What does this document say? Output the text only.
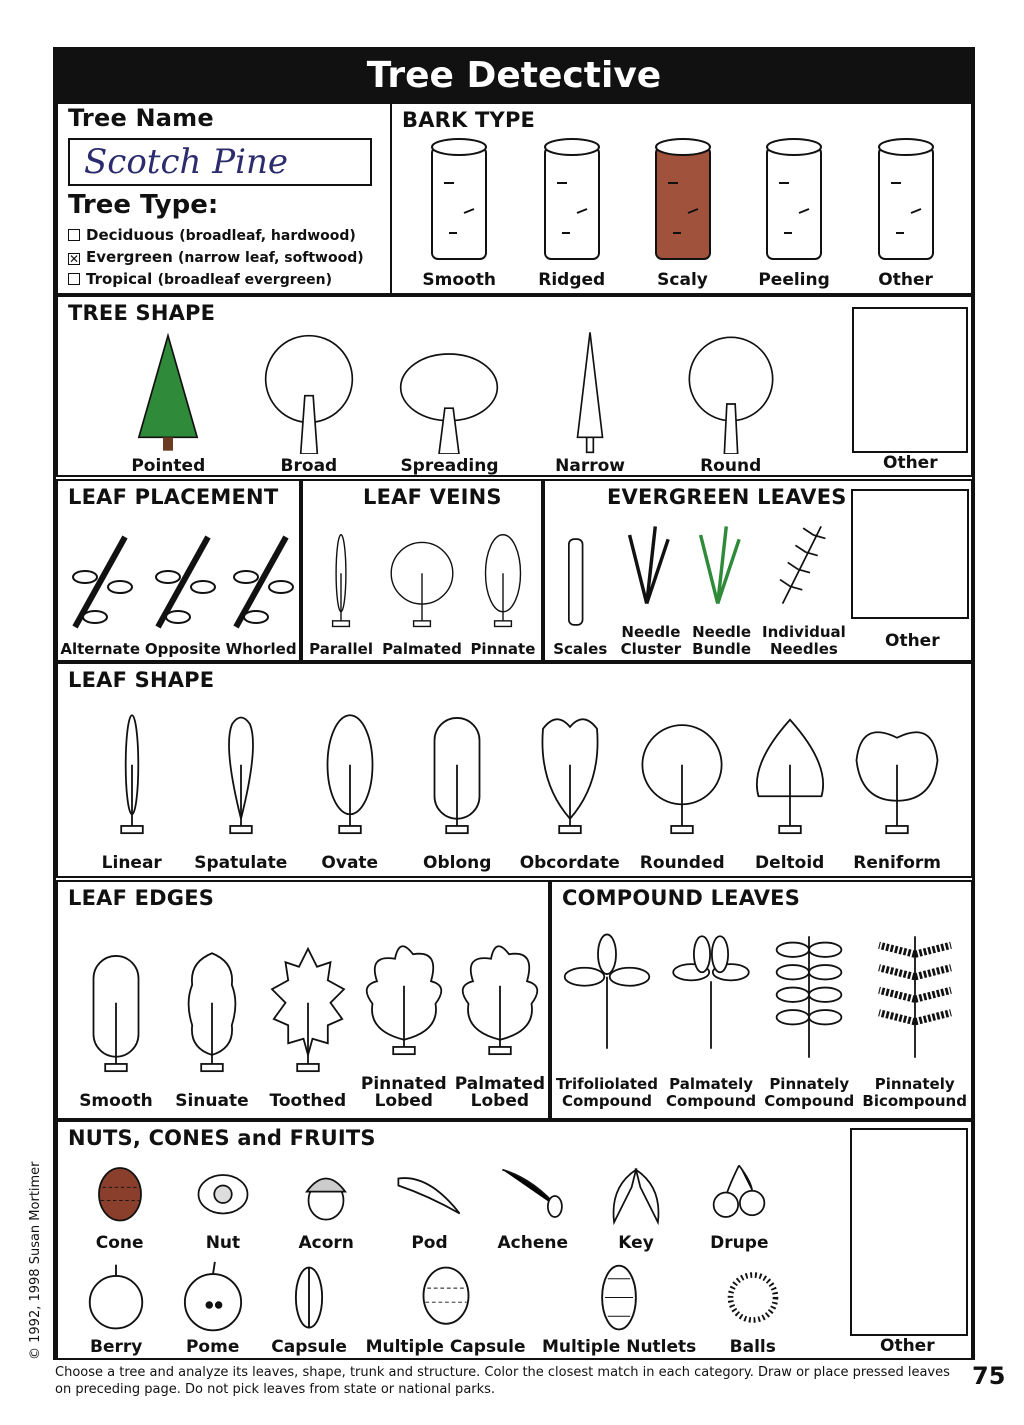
Tree Detective
Tree Name
Scotch Pine
Tree Type:
Deciduous (broadleaf, hardwood)
✕ Evergreen (narrow leaf, softwood)
Tropical (broadleaf evergreen)
BARK TYPE
Smooth Ridged	Scaly	Peeling	Other
TREE SHAPE
Pointed	Broad	Spreading	Narrow	Round	Other
LEAF PLACEMENT
Alternate Opposite Whorled
LEAF VEINS
Parallel Palmated Pinnate
EVERGREEN LEAVES
Scales
Needle
Cluster
Needle
Bundle
Individual
Needles	Other
LEAF SHAPE
Linear Spatulate Ovate	Oblong Obcordate Rounded Deltoid Reniform
LEAF EDGES
Smooth Sinuate Toothed
Pinnated
Lobed
Palmated
Lobed
COMPOUND LEAVES
Trifoliolated
Compound
Palmately
Compound
Pinnately
Compound
Pinnately
Bicompound
NUTS, CONES and FRUITS
Cone	Nut	Acorn	Pod	Achene	Key	Drupe
Berry	Pome Capsule Multiple Capsule Multiple Nutlets Balls	Other
© 1992, 1998 Susan Mortimer
Choose a tree and analyze its leaves, shape, trunk and structure. Color the closest match in each category. Draw or place pressed leaves on preceding page. Do not pick leaves from state or national parks.	75
